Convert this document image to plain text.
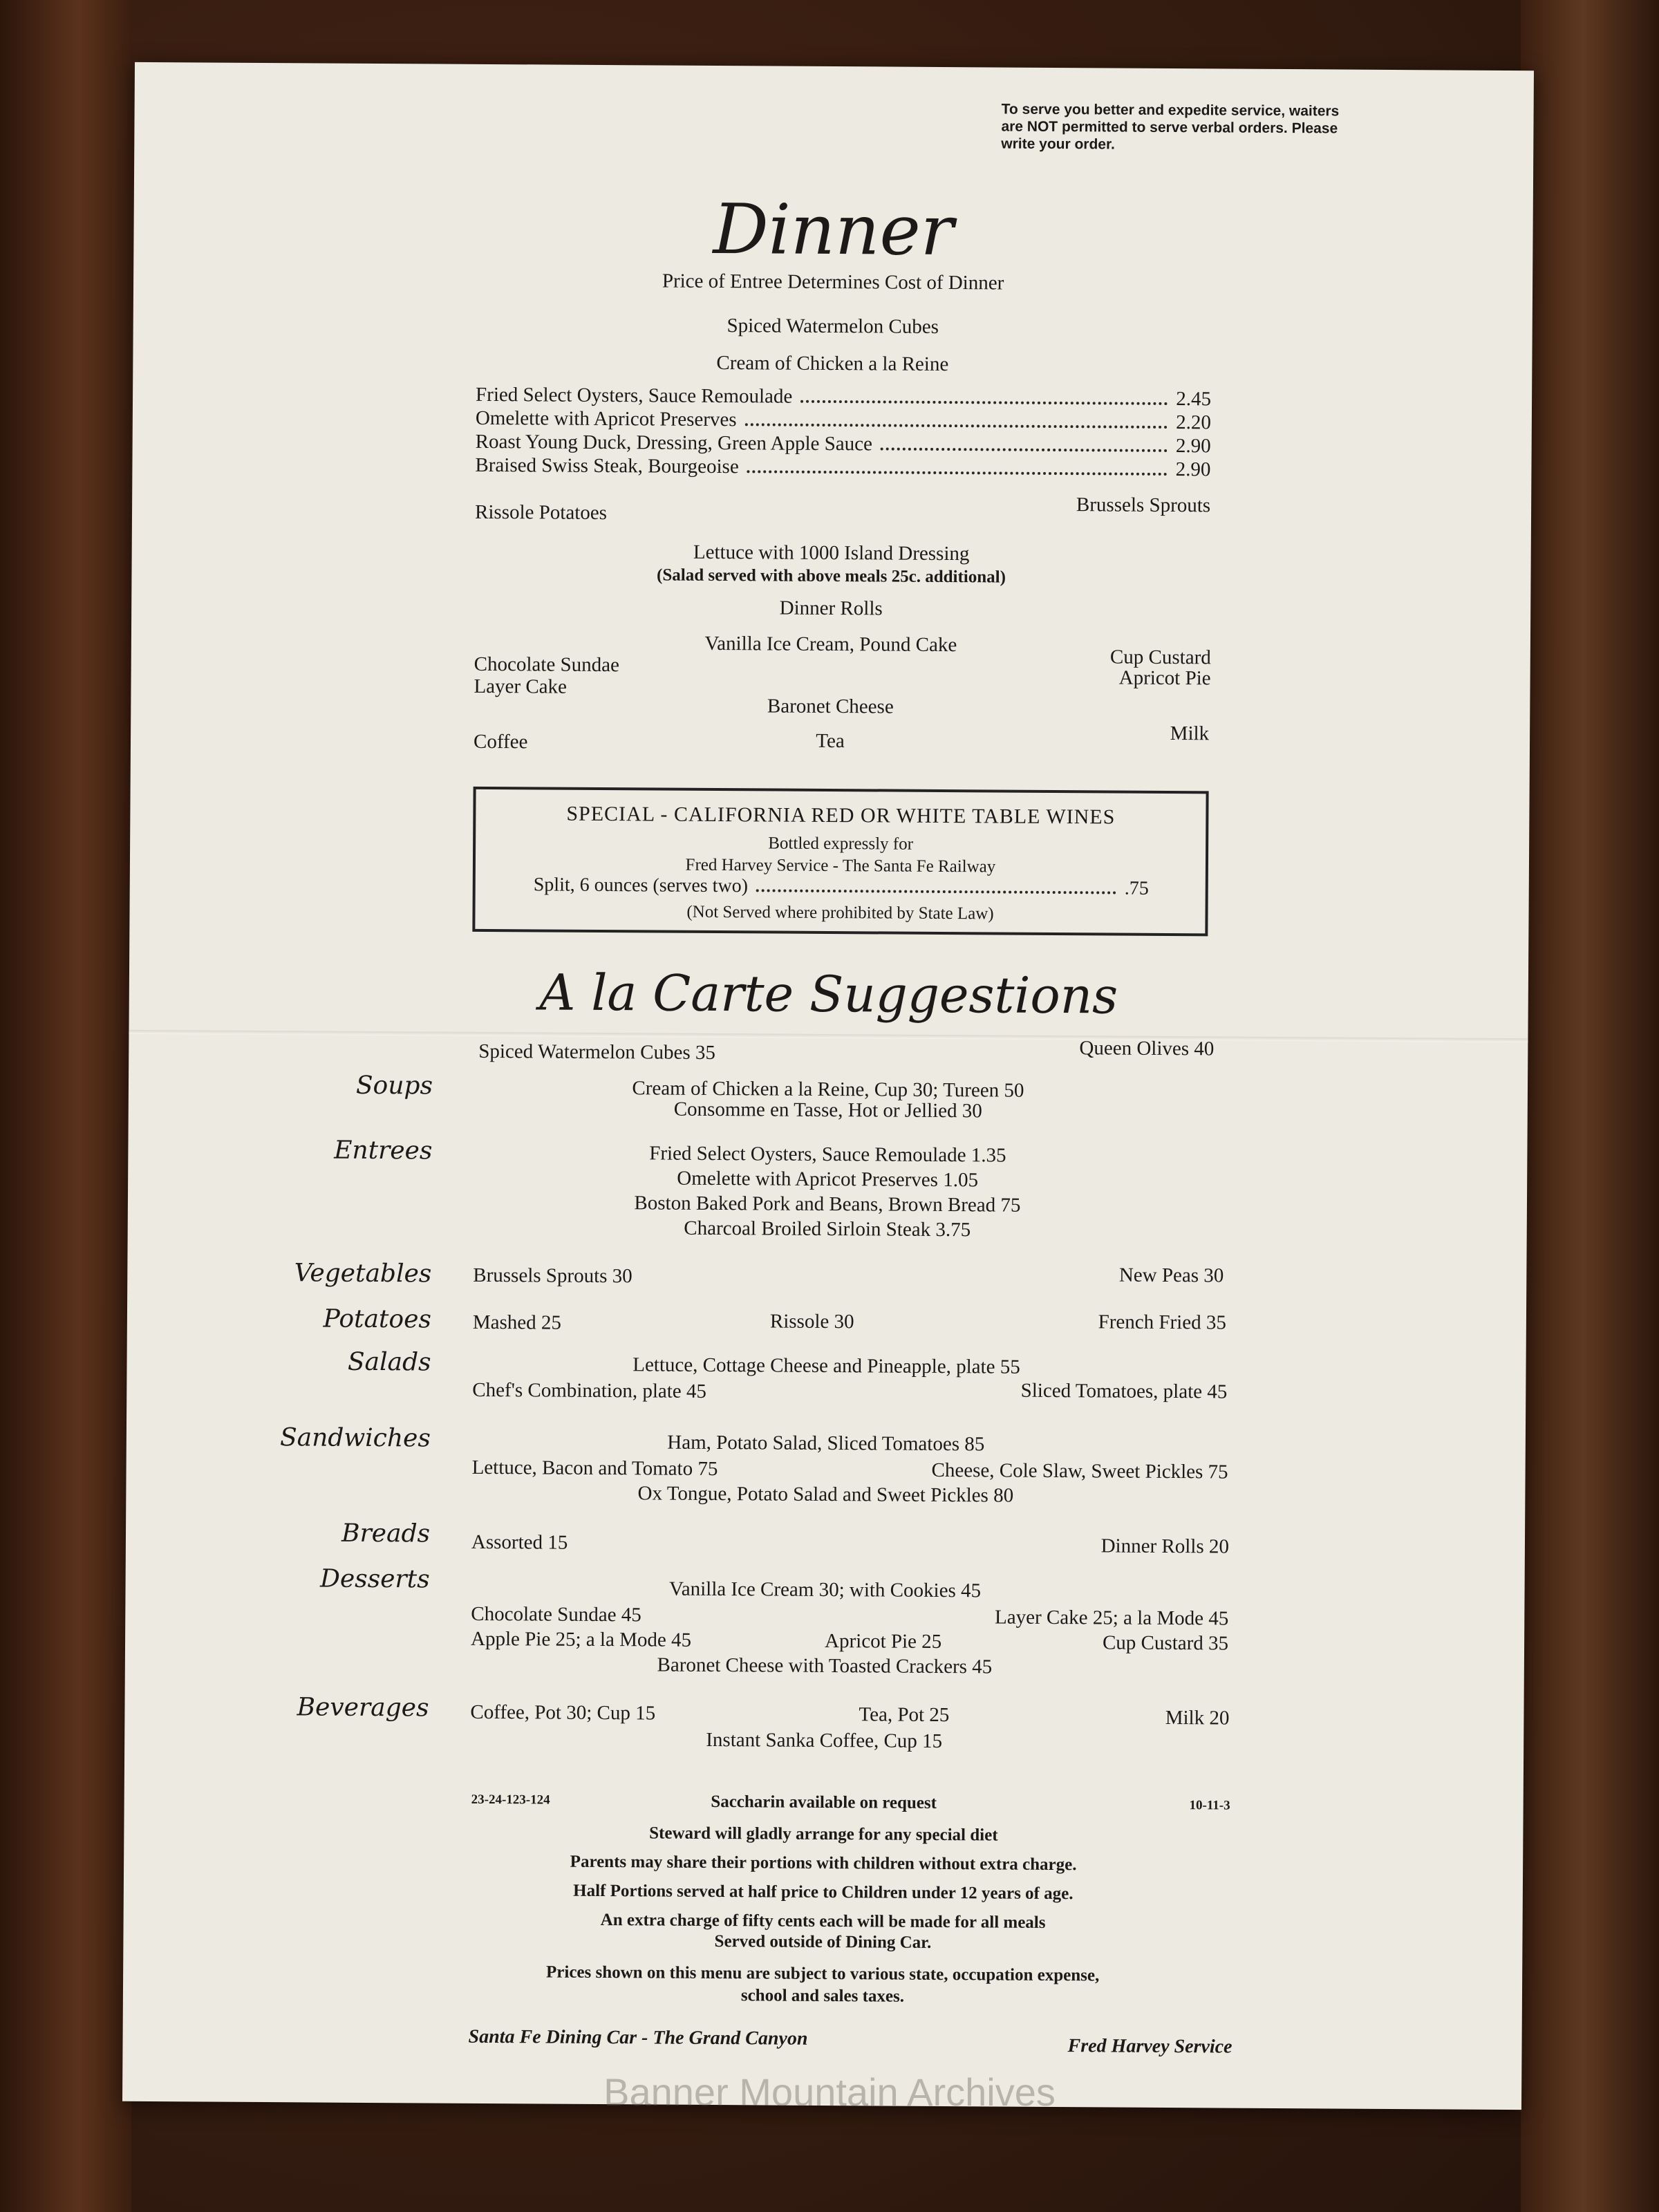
To serve you better and expedite service, waiters are NOT permitted to serve verbal orders. Please write your order.
Dinner
Price of Entree Determines Cost of Dinner
Spiced Watermelon Cubes
Cream of Chicken a la Reine
Fried Select Oysters, Sauce Remoulade	2.45
Omelette with Apricot Preserves	2.20
Roast Young Duck, Dressing, Green Apple Sauce	2.90
Braised Swiss Steak, Bourgeoise	2.90
Rissole Potatoes	Brussels Sprouts
Lettuce with 1000 Island Dressing
(Salad served with above meals 25c. additional)
Dinner Rolls
Vanilla Ice Cream, Pound Cake
Chocolate Sundae
Layer Cake
Cup Custard
Apricot Pie
Baronet Cheese
Coffee	Tea	Milk
SPECIAL - CALIFORNIA RED OR WHITE TABLE WINES
Bottled expressly for
Fred Harvey Service - The Santa Fe Railway
Split, 6 ounces (serves two)	.75
(Not Served where prohibited by State Law)
A la Carte Suggestions
Spiced Watermelon Cubes 35	Queen Olives 40
Soups	Cream of Chicken a la Reine, Cup 30; Tureen 50
Consomme en Tasse, Hot or Jellied 30
Entrees	Fried Select Oysters, Sauce Remoulade 1.35
Omelette with Apricot Preserves 1.05
Boston Baked Pork and Beans, Brown Bread 75
Charcoal Broiled Sirloin Steak 3.75
Vegetables Brussels Sprouts 30	New Peas 30
Potatoes Mashed 25	Rissole 30	French Fried 35
Salads	Lettuce, Cottage Cheese and Pineapple, plate 55
Chef's Combination, plate 45	Sliced Tomatoes, plate 45
Sandwiches	Ham, Potato Salad, Sliced Tomatoes 85
Lettuce, Bacon and Tomato 75	Cheese, Cole Slaw, Sweet Pickles 75
Ox Tongue, Potato Salad and Sweet Pickles 80
Breads Assorted 15	Dinner Rolls 20
Desserts	Vanilla Ice Cream 30; with Cookies 45
Chocolate Sundae 45	Layer Cake 25; a la Mode 45
Apple Pie 25; a la Mode 45	Apricot Pie 25	Cup Custard 35
Baronet Cheese with Toasted Crackers 45
Beverages Coffee, Pot 30; Cup 15	Tea, Pot 25	Milk 20
Instant Sanka Coffee, Cup 15
23-24-123-124	Saccharin available on request	10-11-3
Steward will gladly arrange for any special diet
Parents may share their portions with children without extra charge.
Half Portions served at half price to Children under 12 years of age.
An extra charge of fifty cents each will be made for all meals
Served outside of Dining Car.
Prices shown on this menu are subject to various state, occupation expense,
school and sales taxes.
Santa Fe Dining Car - The Grand Canyon	Fred Harvey Service
Banner Mountain Archives
